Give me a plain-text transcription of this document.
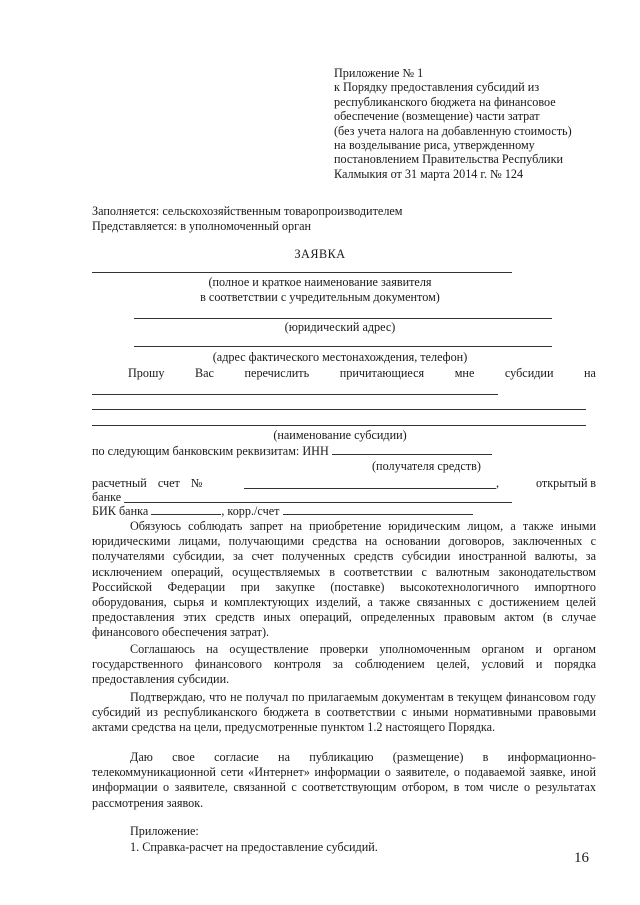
Приложение № 1
к Порядку предоставления субсидий из
республиканского бюджета на финансовое
обеспечение (возмещение) части затрат
(без учета налога на добавленную стоимость)
на возделывание риса, утвержденному
постановлением Правительства Республики
Калмыкия от 31 марта 2014 г. № 124
Заполняется: сельскохозяйственным товаропроизводителем
Представляется: в уполномоченный орган
ЗАЯВКА
(полное и краткое наименование заявителя
в соответствии с учредительным документом)
(юридический адрес)
(адрес фактического местонахождения, телефон)
Прошу	Вас	перечислить	причитающиеся	мне	субсидии	на
(наименование субсидии)
по следующим банковским реквизитам: ИНН
(получателя средств)
расчетный счет №	,	открытый в
банке
БИК банка	, корр./счет
Обязуюсь соблюдать запрет на приобретение юридическим лицом, а также иными юридическими лицами, получающими средства на основании договоров, заключенных с получателями субсидии, за счет полученных средств субсидии иностранной валюты, за исключением операций, осуществляемых в соответствии с валютным законодательством Российской Федерации при закупке (поставке) высокотехнологичного импортного оборудования, сырья и комплектующих изделий, а также связанных с достижением целей предоставления этих средств иных операций, определенных правовым актом (в случае финансового обеспечения затрат).
Соглашаюсь на осуществление проверки уполномоченным органом и органом государственного финансового контроля за соблюдением целей, условий и порядка предоставления субсидии.
Подтверждаю, что не получал по прилагаемым документам в текущем финансовом году субсидий из республиканского бюджета в соответствии с иными нормативными правовыми актами средства на цели, предусмотренные пунктом 1.2 настоящего Порядка.
Даю свое согласие на публикацию (размещение) в информационно-телекоммуникационной сети «Интернет» информации о заявителе, о подаваемой заявке, иной информации о заявителе, связанной с соответствующим отбором, в том числе о результатах рассмотрения заявок.
Приложение:
1. Справка-расчет на предоставление субсидий.
16
